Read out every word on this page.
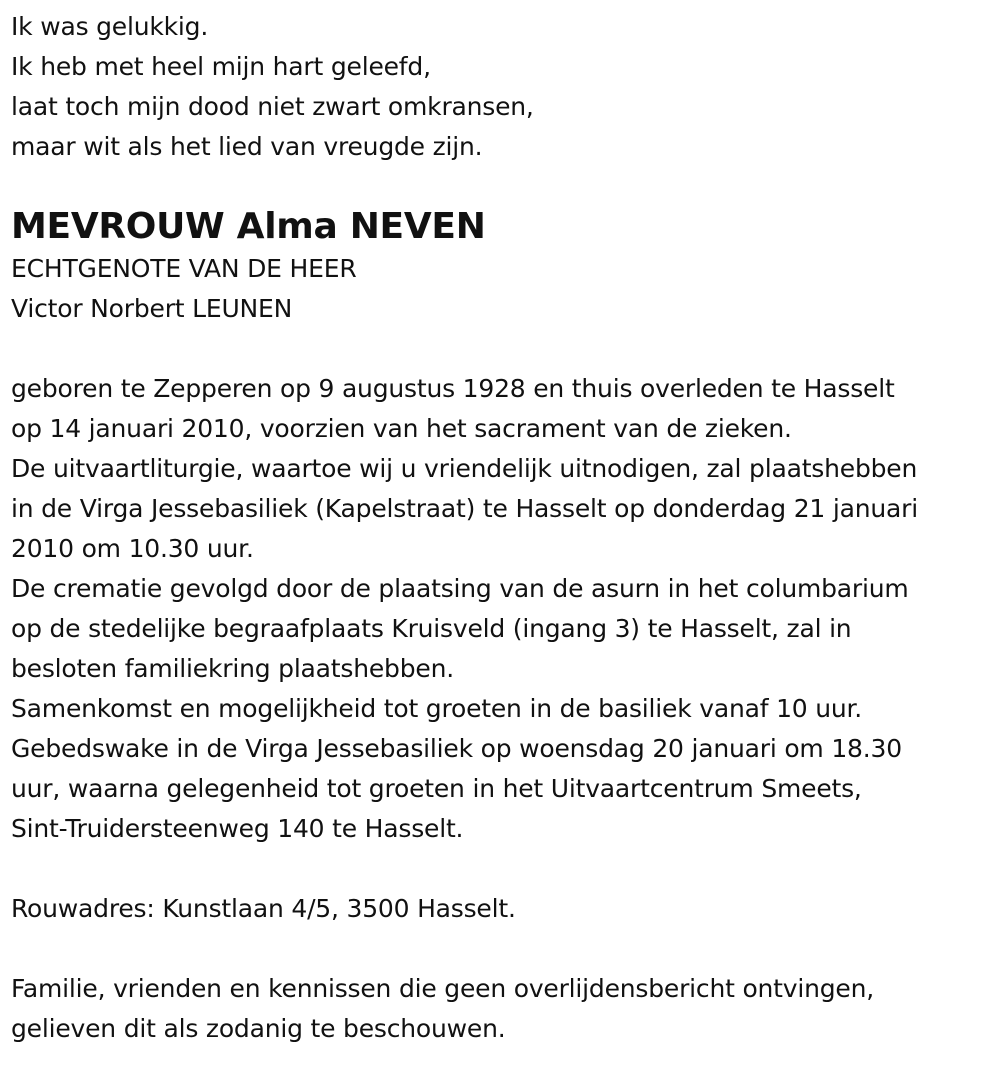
Ik was gelukkig.
Ik heb met heel mijn hart geleefd,
laat toch mijn dood niet zwart omkransen,
maar wit als het lied van vreugde zijn.
MEVROUW Alma NEVEN
ECHTGENOTE VAN DE HEER
Victor Norbert LEUNEN
geboren te Zepperen op 9 augustus 1928 en thuis overleden te Hasselt
op 14 januari 2010, voorzien van het sacrament van de zieken.
De uitvaartliturgie, waartoe wij u vriendelijk uitnodigen, zal plaatshebben
in de Virga Jessebasiliek (Kapelstraat) te Hasselt op donderdag 21 januari
2010 om 10.30 uur.
De crematie gevolgd door de plaatsing van de asurn in het columbarium
op de stedelijke begraafplaats Kruisveld (ingang 3) te Hasselt, zal in
besloten familiekring plaatshebben.
Samenkomst en mogelijkheid tot groeten in de basiliek vanaf 10 uur.
Gebedswake in de Virga Jessebasiliek op woensdag 20 januari om 18.30
uur, waarna gelegenheid tot groeten in het Uitvaartcentrum Smeets,
Sint-Truidersteenweg 140 te Hasselt.
Rouwadres: Kunstlaan 4/5, 3500 Hasselt.
Familie, vrienden en kennissen die geen overlijdensbericht ontvingen,
gelieven dit als zodanig te beschouwen.
